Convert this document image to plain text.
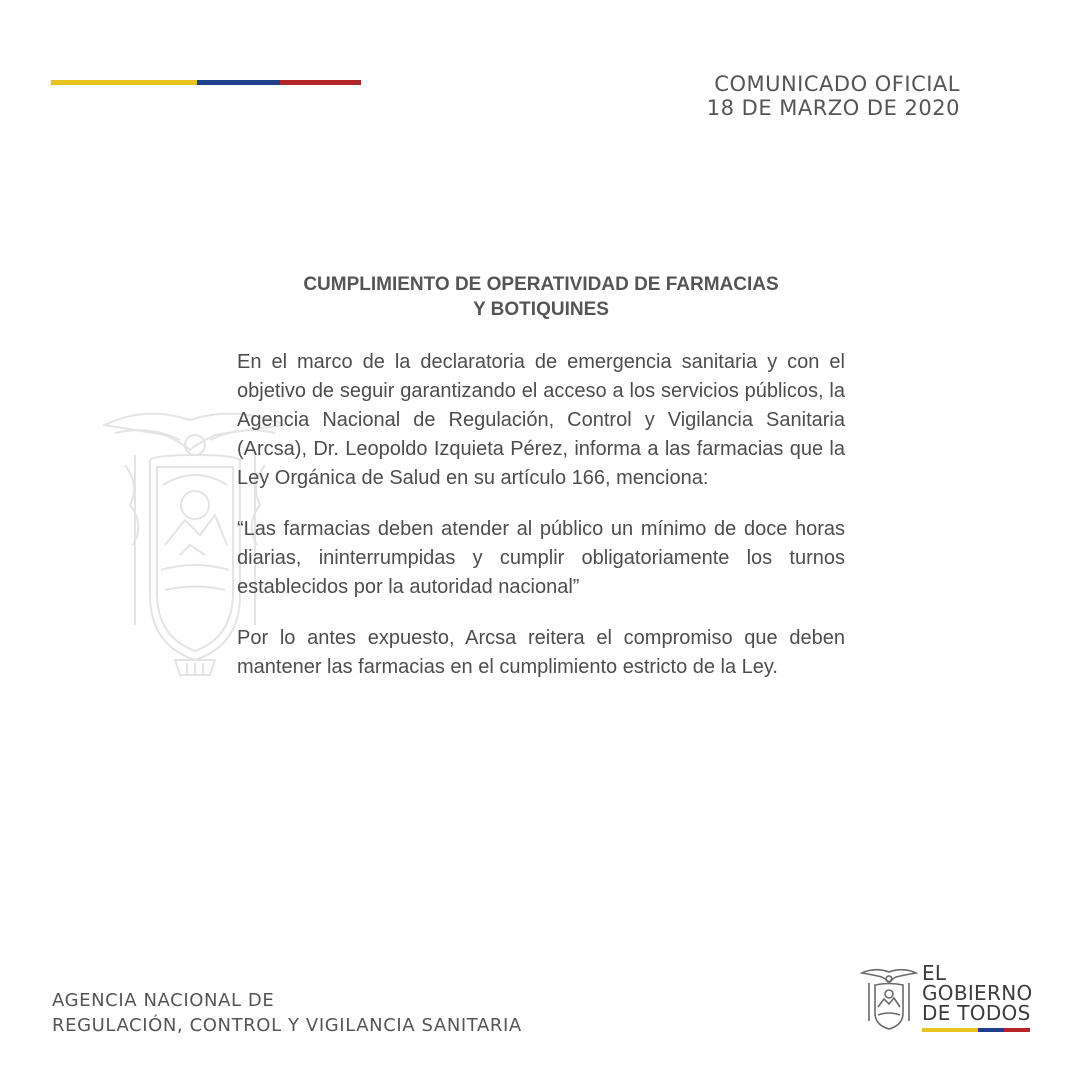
COMUNICADO OFICIAL
18 DE MARZO DE 2020
CUMPLIMIENTO DE OPERATIVIDAD DE FARMACIAS
Y BOTIQUINES

En el marco de la declaratoria de emergencia sanitaria y con el objetivo de seguir garantizando el acceso a los servicios públicos, la Agencia Nacional de Regulación, Control y Vigilancia Sanitaria (Arcsa), Dr. Leopoldo Izquieta Pérez, informa a las farmacias que la Ley Orgánica de Salud en su artículo 166, menciona:

“Las farmacias deben atender al público un mínimo de doce horas diarias, ininterrumpidas y cumplir obligatoriamente los turnos establecidos por la autoridad nacional”

Por lo antes expuesto, Arcsa reitera el compromiso que deben mantener las farmacias en el cumplimiento estricto de la Ley.

AGENCIA NACIONAL DE
REGULACIÓN, CONTROL Y VIGILANCIA SANITARIA
EL
GOBIERNO
DE TODOS
